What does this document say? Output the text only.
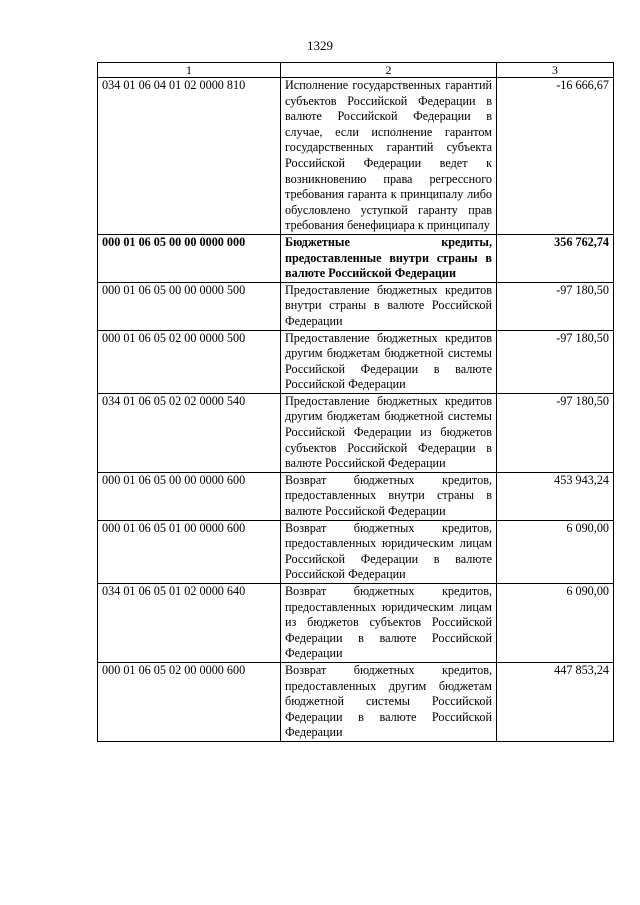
1329
1	2	3
034 01 06 04 01 02 0000 810	Исполнение государственных гарантий субъектов Российской Федерации в валюте Российской Федерации в случае, если исполнение гарантом государственных гарантий субъекта Российской Федерации ведет к возникновению права регрессного требования гаранта к принципалу либо обусловлено уступкой гаранту прав требования бенефициара к принципалу	-16 666,67
000 01 06 05 00 00 0000 000	Бюджетные кредиты, предоставленные внутри страны в валюте Российской Федерации	356 762,74
000 01 06 05 00 00 0000 500	Предоставление бюджетных кредитов внутри страны в валюте Российской Федерации	-97 180,50
000 01 06 05 02 00 0000 500	Предоставление бюджетных кредитов другим бюджетам бюджетной системы Российской Федерации в валюте Российской Федерации	-97 180,50
034 01 06 05 02 02 0000 540	Предоставление бюджетных кредитов другим бюджетам бюджетной системы Российской Федерации из бюджетов субъектов Российской Федерации в валюте Российской Федерации	-97 180,50
000 01 06 05 00 00 0000 600	Возврат бюджетных кредитов, предоставленных внутри страны в валюте Российской Федерации	453 943,24
000 01 06 05 01 00 0000 600	Возврат бюджетных кредитов, предоставленных юридическим лицам Российской Федерации в валюте Российской Федерации	6 090,00
034 01 06 05 01 02 0000 640	Возврат бюджетных кредитов, предоставленных юридическим лицам из бюджетов субъектов Российской Федерации в валюте Российской Федерации	6 090,00
000 01 06 05 02 00 0000 600	Возврат бюджетных кредитов, предоставленных другим бюджетам бюджетной системы Российской Федерации в валюте Российской Федерации	447 853,24
